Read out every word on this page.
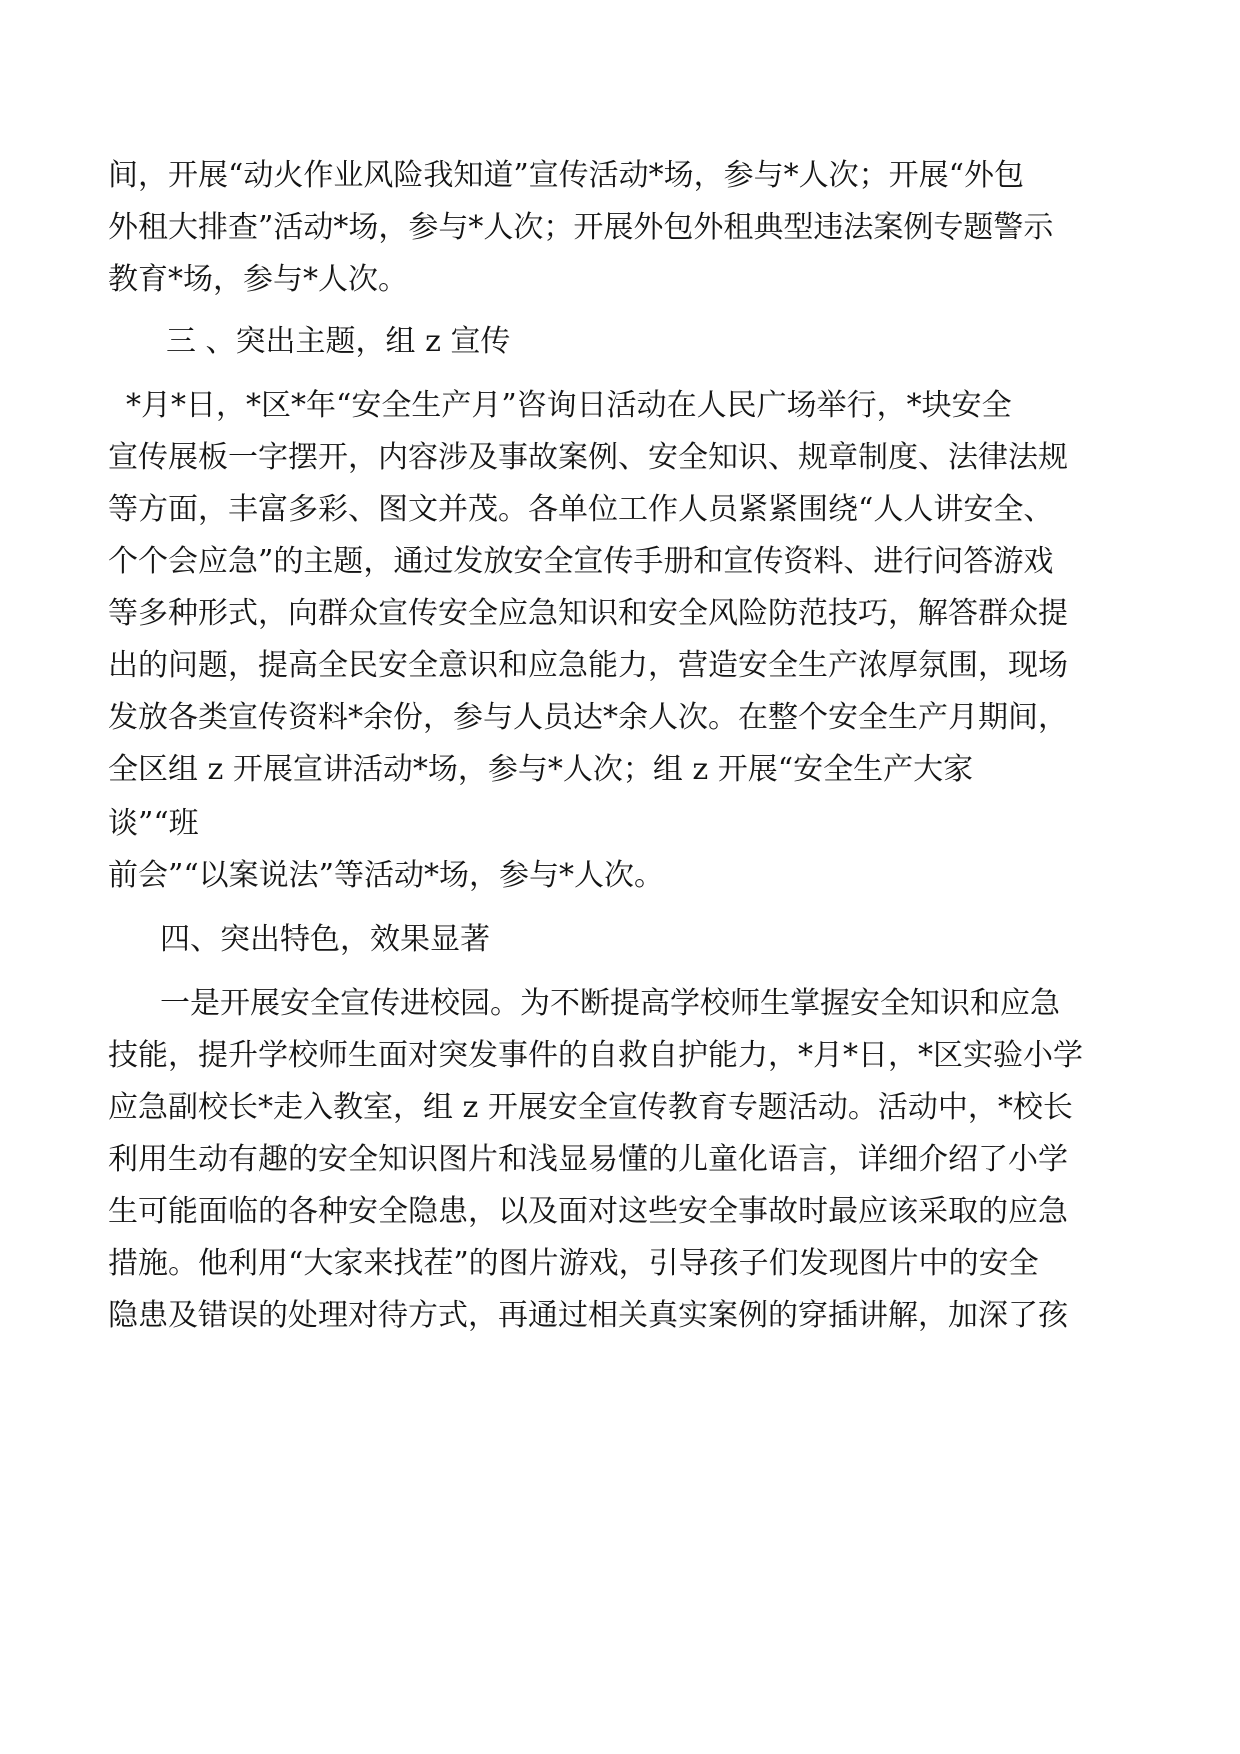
间，开展“动火作业风险我知道”宣传活动*场，参与*人次；开展“外包
外租大排查”活动*场，参与*人次；开展外包外租典型违法案例专题警示
教育*场，参与*人次。
三 、突出主题，组 z 宣传
*月*日，*区*年“安全生产月”咨询日活动在人民广场举行，*块安全
宣传展板一字摆开，内容涉及事故案例、安全知识、规章制度、法律法规
等方面，丰富多彩、图文并茂。各单位工作人员紧紧围绕“人人讲安全、
个个会应急”的主题，通过发放安全宣传手册和宣传资料、进行问答游戏
等多种形式，向群众宣传安全应急知识和安全风险防范技巧，解答群众提
出的问题，提高全民安全意识和应急能力，营造安全生产浓厚氛围，现场
发放各类宣传资料*余份，参与人员达*余人次。在整个安全生产月期间，
全区组 z 开展宣讲活动*场，参与*人次；组 z 开展“安全生产大家
谈”“班
前会”“以案说法”等活动*场，参与*人次。
四、突出特色，效果显著
一是开展安全宣传进校园。为不断提高学校师生掌握安全知识和应急
技能，提升学校师生面对突发事件的自救自护能力，*月*日，*区实验小学
应急副校长*走入教室，组 z 开展安全宣传教育专题活动。活动中，*校长
利用生动有趣的安全知识图片和浅显易懂的儿童化语言，详细介绍了小学
生可能面临的各种安全隐患，以及面对这些安全事故时最应该采取的应急
措施。他利用“大家来找茬”的图片游戏，引导孩子们发现图片中的安全
隐患及错误的处理对待方式，再通过相关真实案例的穿插讲解，加深了孩
